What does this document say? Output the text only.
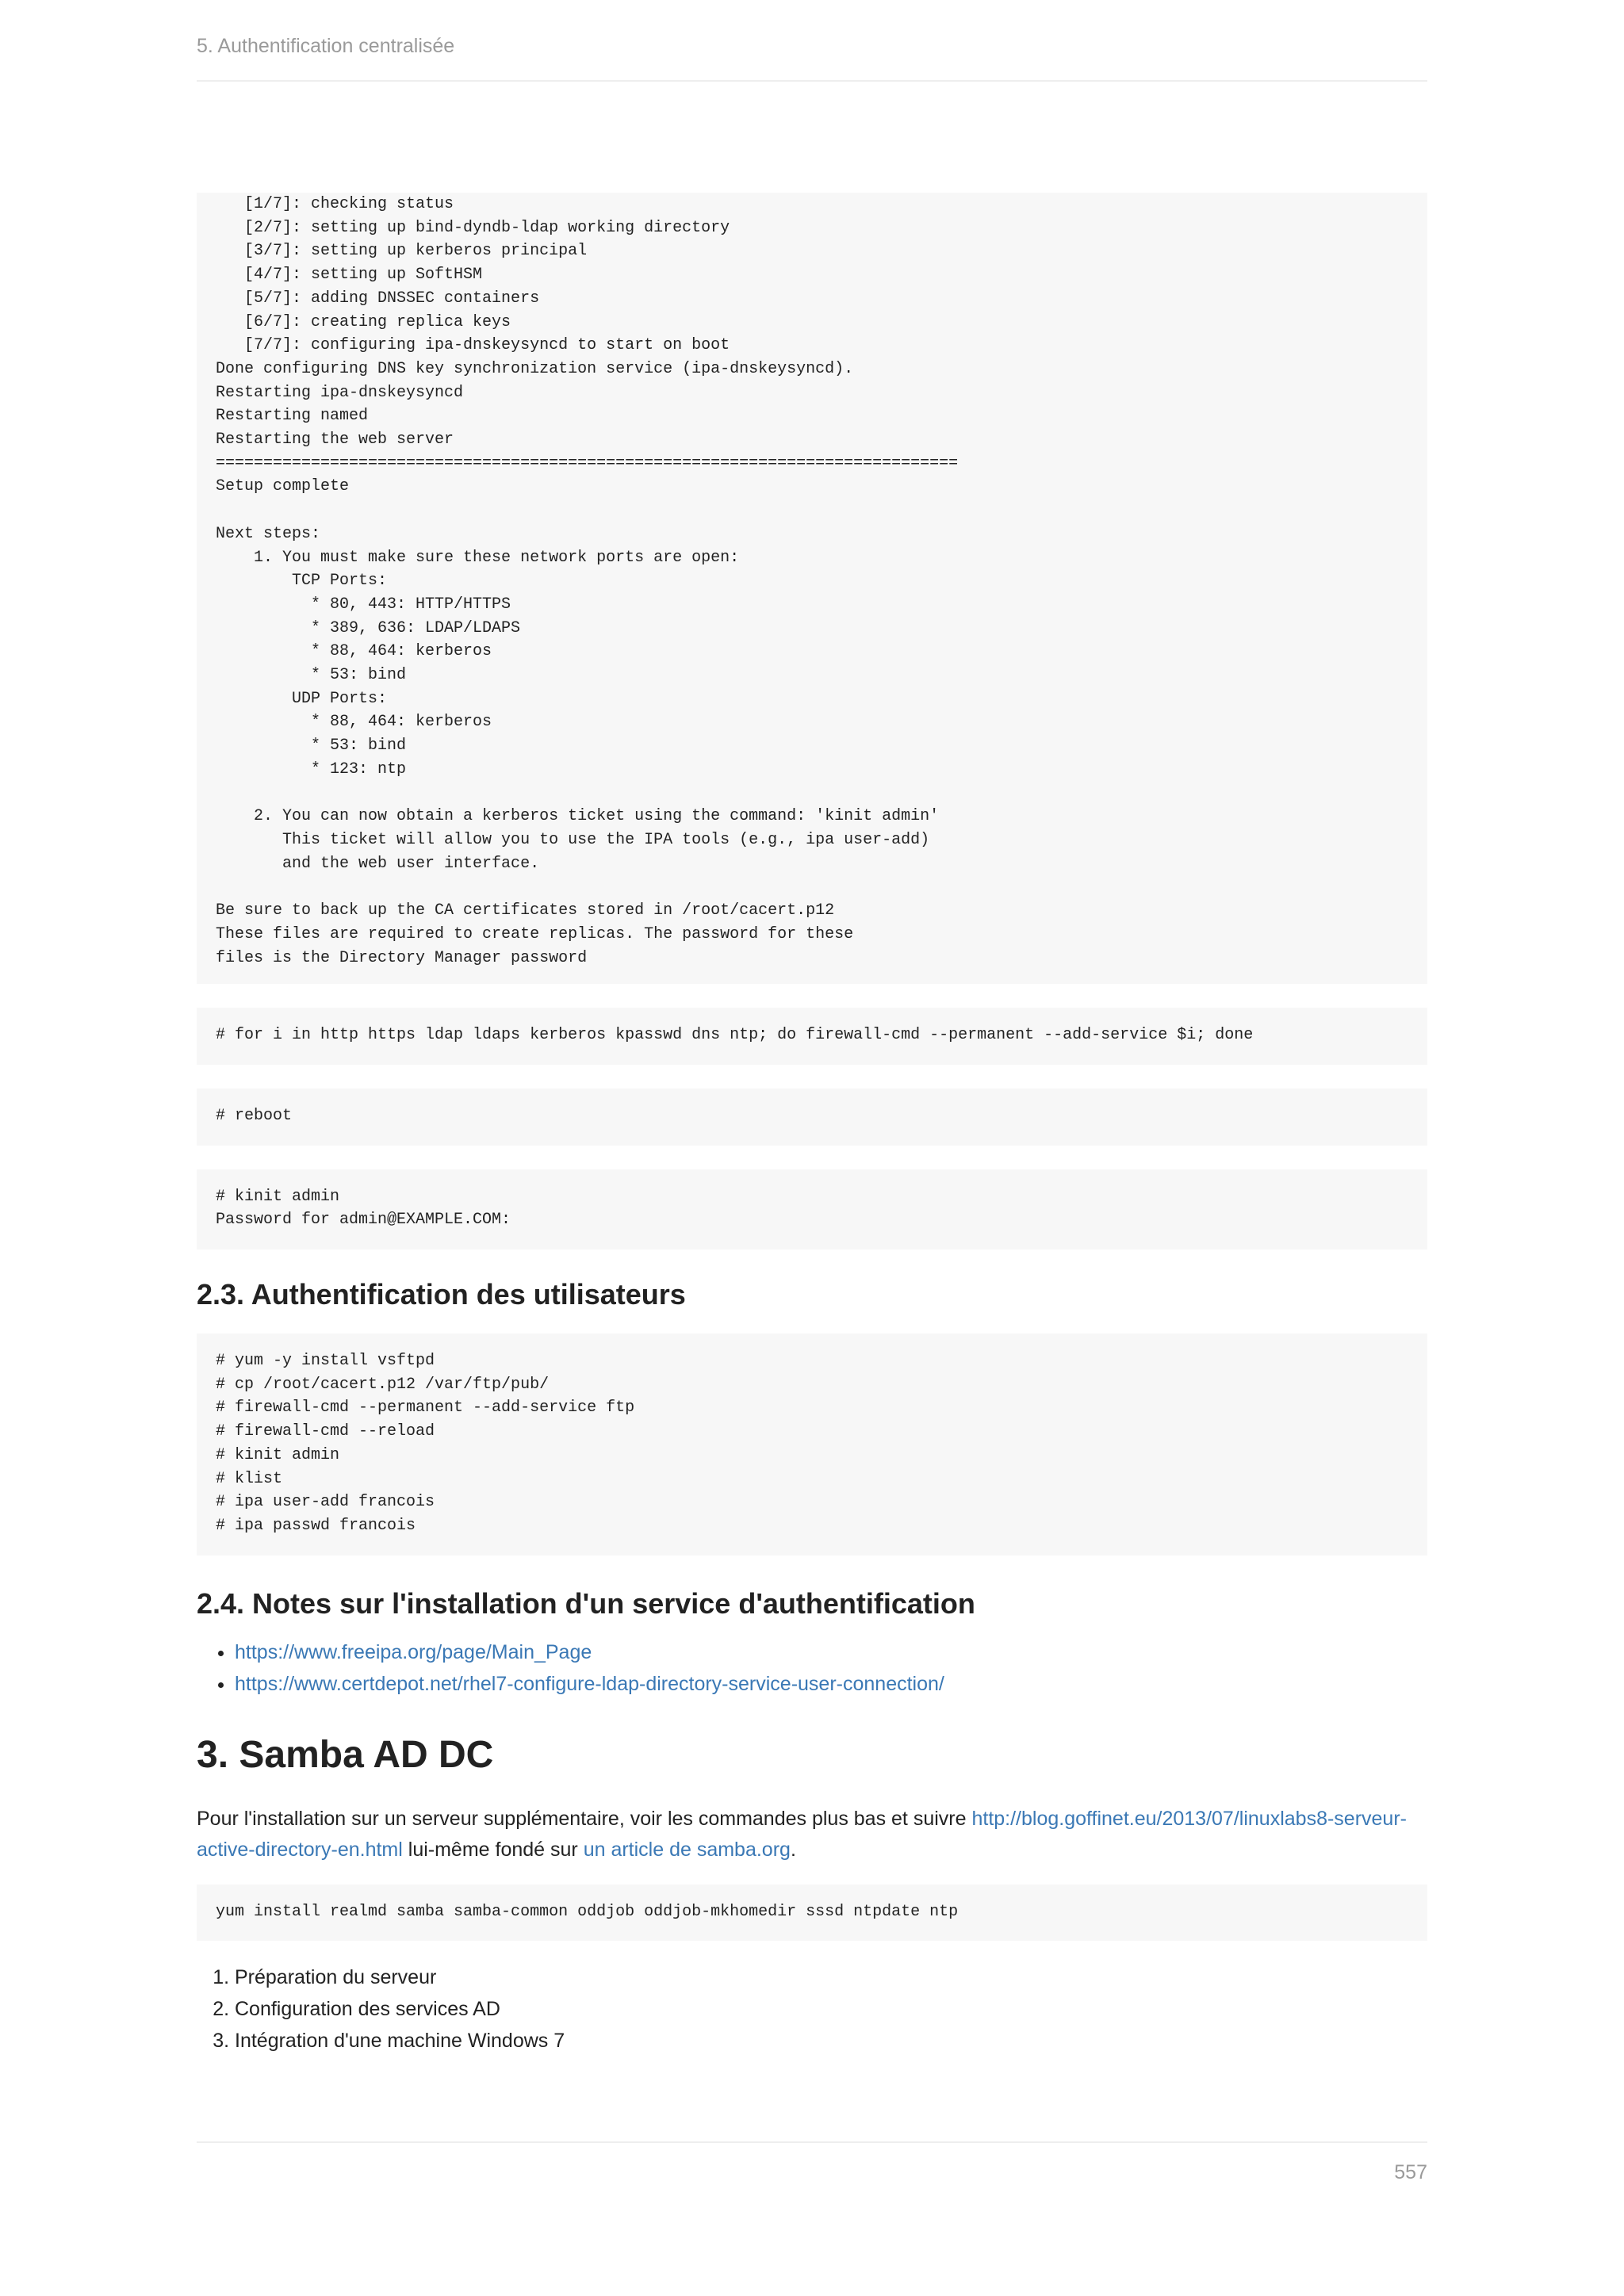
5. Authentification centralisée
[1/7]: checking status
[2/7]: setting up bind-dyndb-ldap working directory
[3/7]: setting up kerberos principal
[4/7]: setting up SoftHSM
[5/7]: adding DNSSEC containers
[6/7]: creating replica keys
[7/7]: configuring ipa-dnskeysyncd to start on boot
Done configuring DNS key synchronization service (ipa-dnskeysyncd).
Restarting ipa-dnskeysyncd
Restarting named
Restarting the web server
==============================================================================
Setup complete

Next steps:
1. You must make sure these network ports are open:
TCP Ports:
* 80, 443: HTTP/HTTPS
* 389, 636: LDAP/LDAPS
* 88, 464: kerberos
* 53: bind
UDP Ports:
* 88, 464: kerberos
* 53: bind
* 123: ntp

2. You can now obtain a kerberos ticket using the command: 'kinit admin'
This ticket will allow you to use the IPA tools (e.g., ipa user-add)
and the web user interface.

Be sure to back up the CA certificates stored in /root/cacert.p12
These files are required to create replicas. The password for these
files is the Directory Manager password
# for i in http https ldap ldaps kerberos kpasswd dns ntp; do firewall-cmd --permanent --add-service $i; done
# reboot
# kinit admin
Password for admin@EXAMPLE.COM:
2.3. Authentification des utilisateurs
# yum -y install vsftpd
# cp /root/cacert.p12 /var/ftp/pub/
# firewall-cmd --permanent --add-service ftp
# firewall-cmd --reload
# kinit admin
# klist
# ipa user-add francois
# ipa passwd francois
2.4. Notes sur l'installation d'un service d'authentification
• https://www.freeipa.org/page/Main_Page
• https://www.certdepot.net/rhel7-configure-ldap-directory-service-user-connection/
3. Samba AD DC

Pour l'installation sur un serveur supplémentaire, voir les commandes plus bas et suivre http://blog.goffinet.eu/2013/07/linuxlabs8-serveur-active-directory-en.html lui-même fondé sur un article de samba.org.

yum install realmd samba samba-common oddjob oddjob-mkhomedir sssd ntpdate ntp
1. Préparation du serveur
2. Configuration des services AD
3. Intégration d'une machine Windows 7
557
